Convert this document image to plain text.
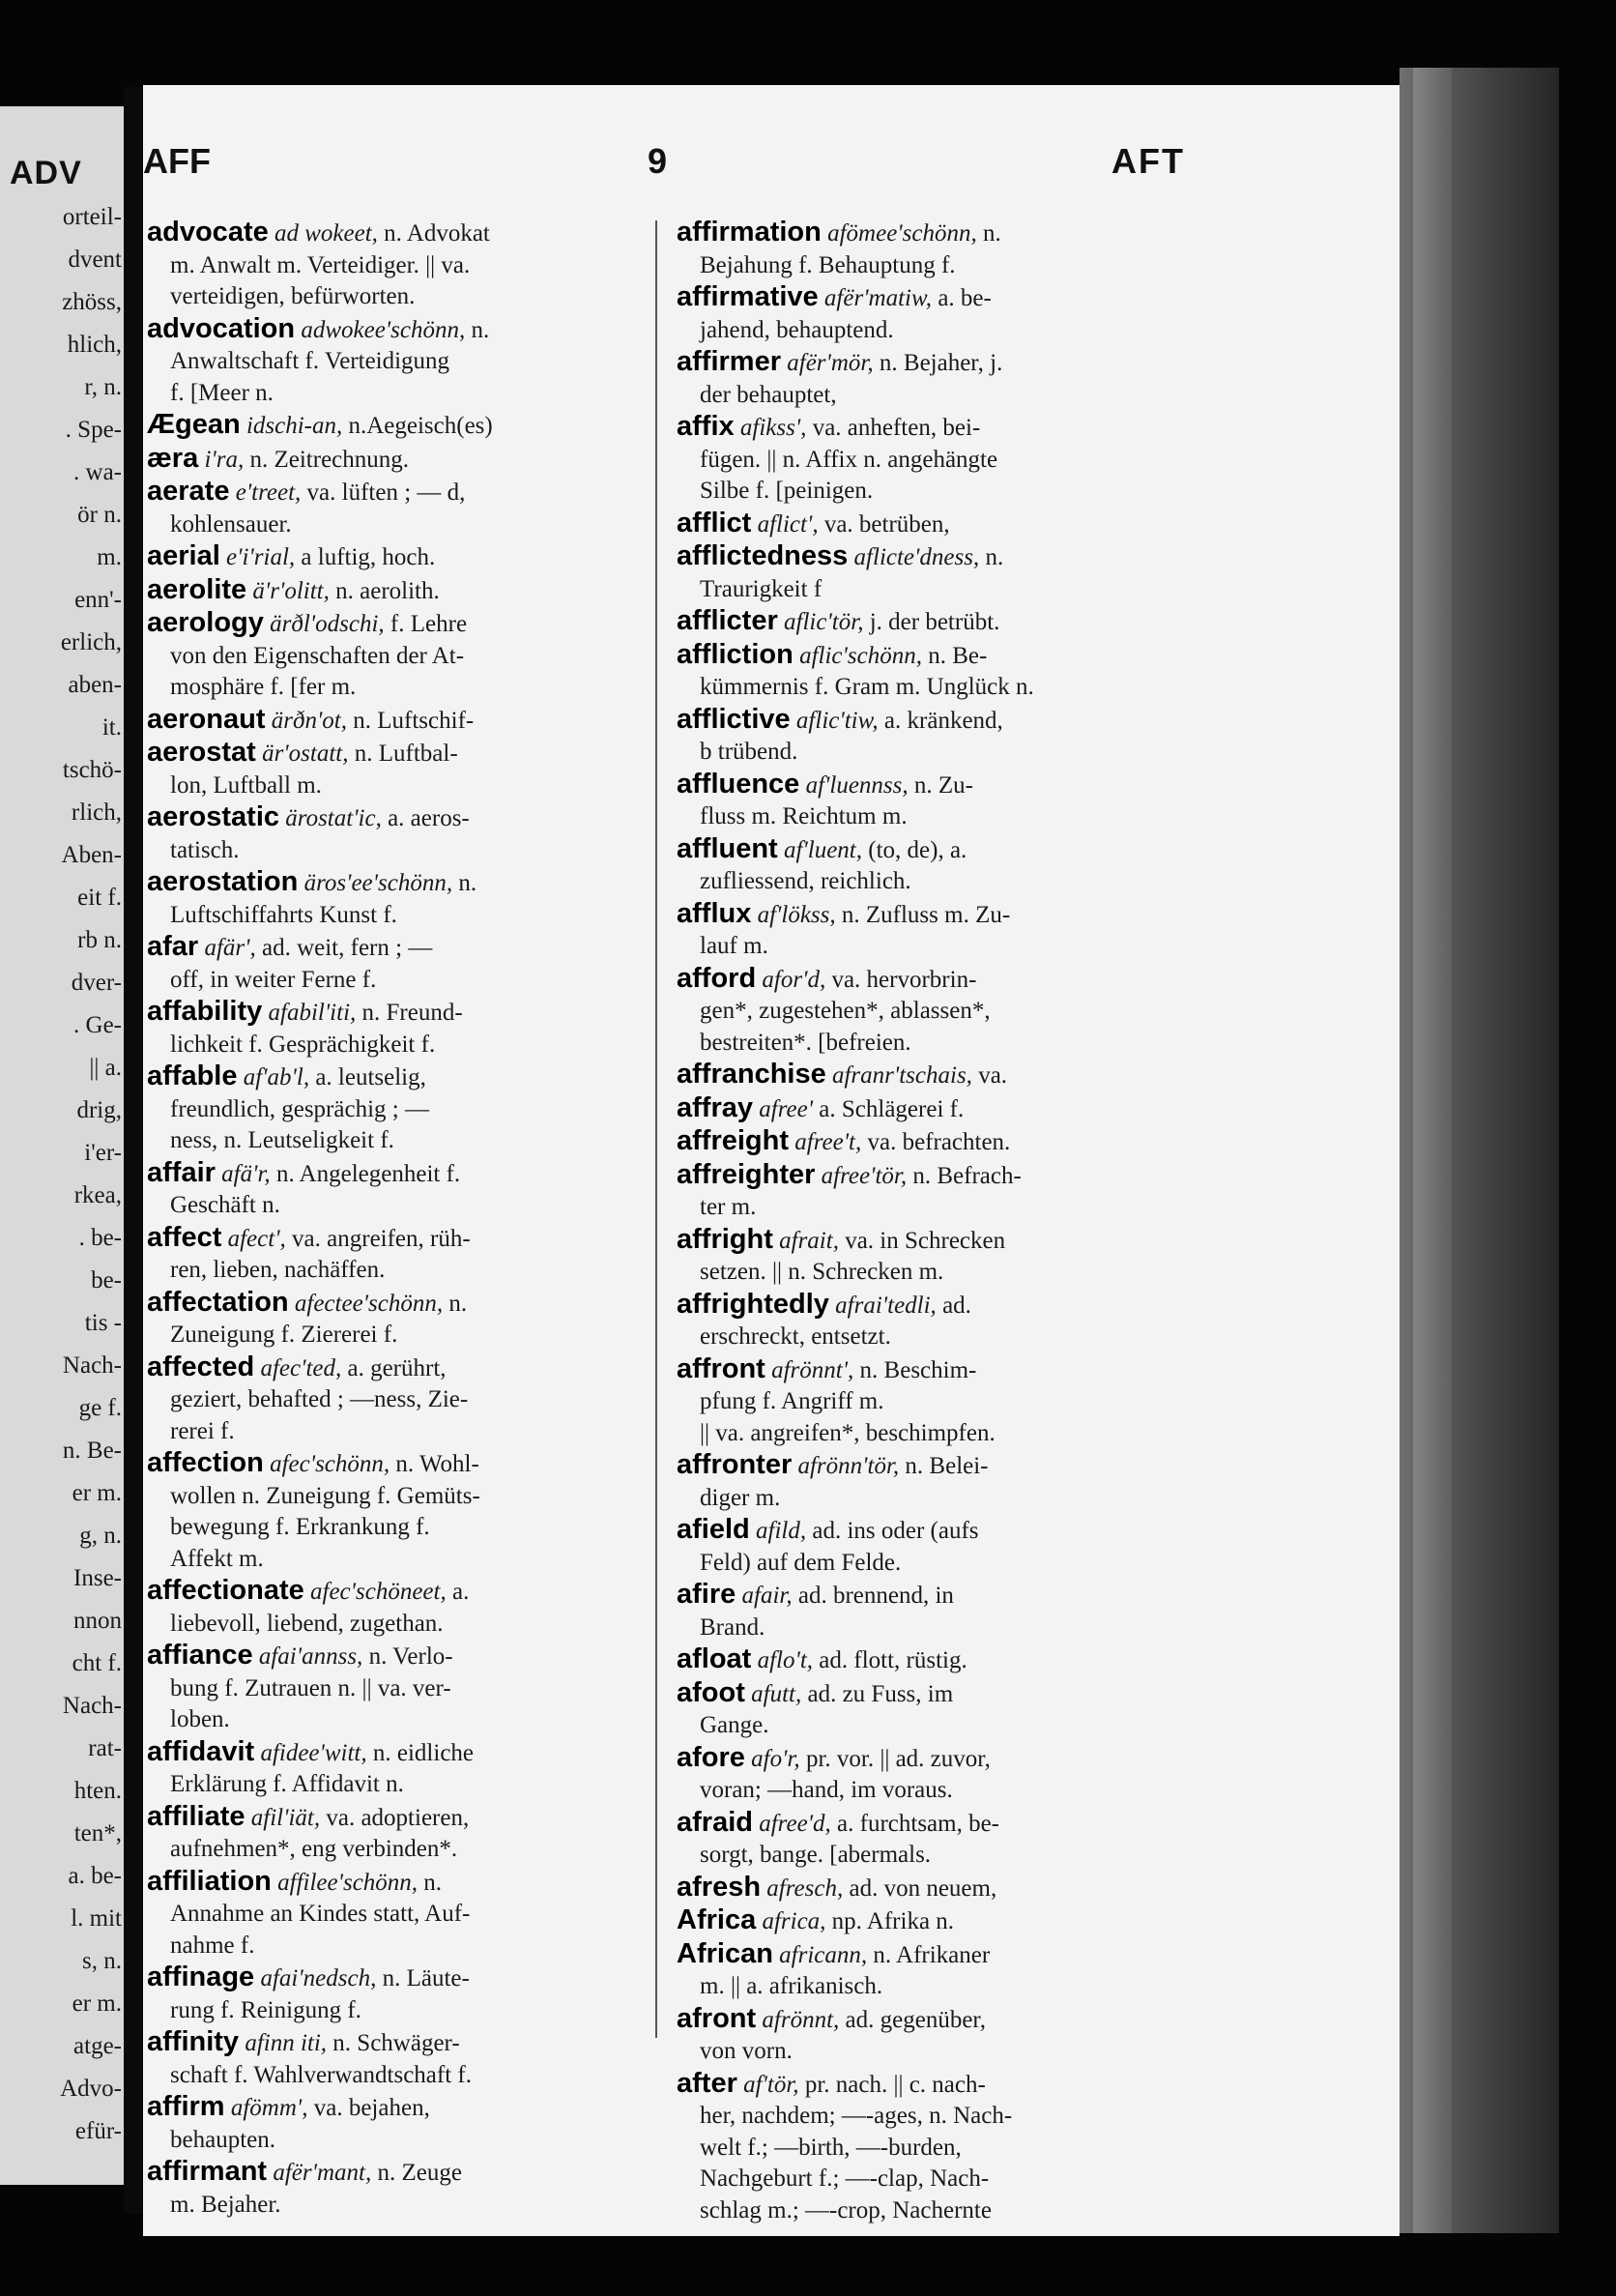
ADV
orteil-
dvent
zhöss,
hlich,
r, n.
. Spe-
. wa-
ör n.
m.
enn'-
erlich,
aben-
it.
tschö-
rlich,
Aben-
eit f.
rb n.
dver-
. Ge-
|| a.
drig,
i'er-
rkea,
. be-
be-
tis -
Nach-
ge f.
n. Be-
er m.
g, n.
Inse-
nnon
cht f.
Nach-
rat-
hten.
ten*,
a. be-
l. mit
s, n.
er m.
atge-
Advo-
efür-
AFF	9	AFT

advocate ad wokeet, n. Advokat
m. Anwalt m. Verteidiger. || va.
verteidigen, befürworten.

advocation adwokee'schönn, n.
Anwaltschaft f. Verteidigung
f. [Meer n.

Ægean idschi-an, n.Aegeisch(es)

æra i'ra, n. Zeitrechnung.

aerate e'treet, va. lüften ; — d,
kohlensauer.

aerial e'i'rial, a luftig, hoch.

aerolite ä'r'olitt, n. aerolith.

aerology ärðl'odschi, f. Lehre
von den Eigenschaften der At-
mosphäre f. [fer m.

aeronaut ärðn'ot, n. Luftschif-

aerostat är'ostatt, n. Luftbal-
lon, Luftball m.

aerostatic ärostat'ic, a. aeros-
tatisch.

aerostation äros'ee'schönn, n.
Luftschiffahrts Kunst f.

afar afär', ad. weit, fern ; —
off, in weiter Ferne f.

affability afabil'iti, n. Freund-
lichkeit f. Gesprächigkeit f.

affable af'ab'l, a. leutselig,
freundlich, gesprächig ; —
ness, n. Leutseligkeit f.

affair afä'r, n. Angelegenheit f.
Geschäft n.

affect afect', va. angreifen, rüh-
ren, lieben, nachäffen.

affectation afectee'schönn, n.
Zuneigung f. Ziererei f.

affected afec'ted, a. gerührt,
geziert, behafted ; —ness, Zie-
rerei f.

affection afec'schönn, n. Wohl-
wollen n. Zuneigung f. Gemüts-
bewegung f. Erkrankung f.
Affekt m.

affectionate afec'schöneet, a.
liebevoll, liebend, zugethan.

affiance afai'annss, n. Verlo-
bung f. Zutrauen n. || va. ver-
loben.

affidavit afidee'witt, n. eidliche
Erklärung f. Affidavit n.

affiliate afil'iät, va. adoptieren,
aufnehmen*, eng verbinden*.

affiliation affilee'schönn, n.
Annahme an Kindes statt, Auf-
nahme f.

affinage afai'nedsch, n. Läute-
rung f. Reinigung f.

affinity afinn iti, n. Schwäger-
schaft f. Wahlverwandtschaft f.

affirm afömm', va. bejahen,
behaupten.

affirmant afër'mant, n. Zeuge
m. Bejaher.

affirmation afömee'schönn, n.
Bejahung f. Behauptung f.

affirmative afër'matiw, a. be-
jahend, behauptend.

affirmer afër'mör, n. Bejaher, j.
der behauptet,

affix afikss', va. anheften, bei-
fügen. || n. Affix n. angehängte
Silbe f. [peinigen.

afflict aflict', va. betrüben,

afflictedness aflicte'dness, n.
Traurigkeit f

afflicter aflic'tör, j. der betrübt.

affliction aflic'schönn, n. Be-
kümmernis f. Gram m. Unglück n.

afflictive aflic'tiw, a. kränkend,
b trübend.

affluence af'luennss, n. Zu-
fluss m. Reichtum m.

affluent af'luent, (to, de), a.
zufliessend, reichlich.

afflux af'lökss, n. Zufluss m. Zu-
lauf m.

afford afor'd, va. hervorbrin-
gen*, zugestehen*, ablassen*,
bestreiten*. [befreien.

affranchise afranr'tschais, va.

affray afree' a. Schlägerei f.

affreight afree't, va. befrachten.

affreighter afree'tör, n. Befrach-
ter m.

affright afrait, va. in Schrecken
setzen. || n. Schrecken m.

affrightedly afrai'tedli, ad.
erschreckt, entsetzt.

affront afrönnt', n. Beschim-
pfung f. Angriff m.
|| va. angreifen*, beschimpfen.

affronter afrönn'tör, n. Belei-
diger m.

afield afild, ad. ins oder (aufs
Feld) auf dem Felde.

afire afair, ad. brennend, in
Brand.

afloat aflo't, ad. flott, rüstig.

afoot afutt, ad. zu Fuss, im
Gange.

afore afo'r, pr. vor. || ad. zuvor,
voran; —hand, im voraus.

afraid afree'd, a. furchtsam, be-
sorgt, bange. [abermals.

afresh afresch, ad. von neuem,

Africa africa, np. Afrika n.

African africann, n. Afrikaner
m. || a. afrikanisch.

afront afrönnt, ad. gegenüber,
von vorn.

after af'tör, pr. nach. || c. nach-
her, nachdem; —-ages, n. Nach-
welt f.; —birth, —-burden,
Nachgeburt f.; —-clap, Nach-
schlag m.; —-crop, Nachernte
